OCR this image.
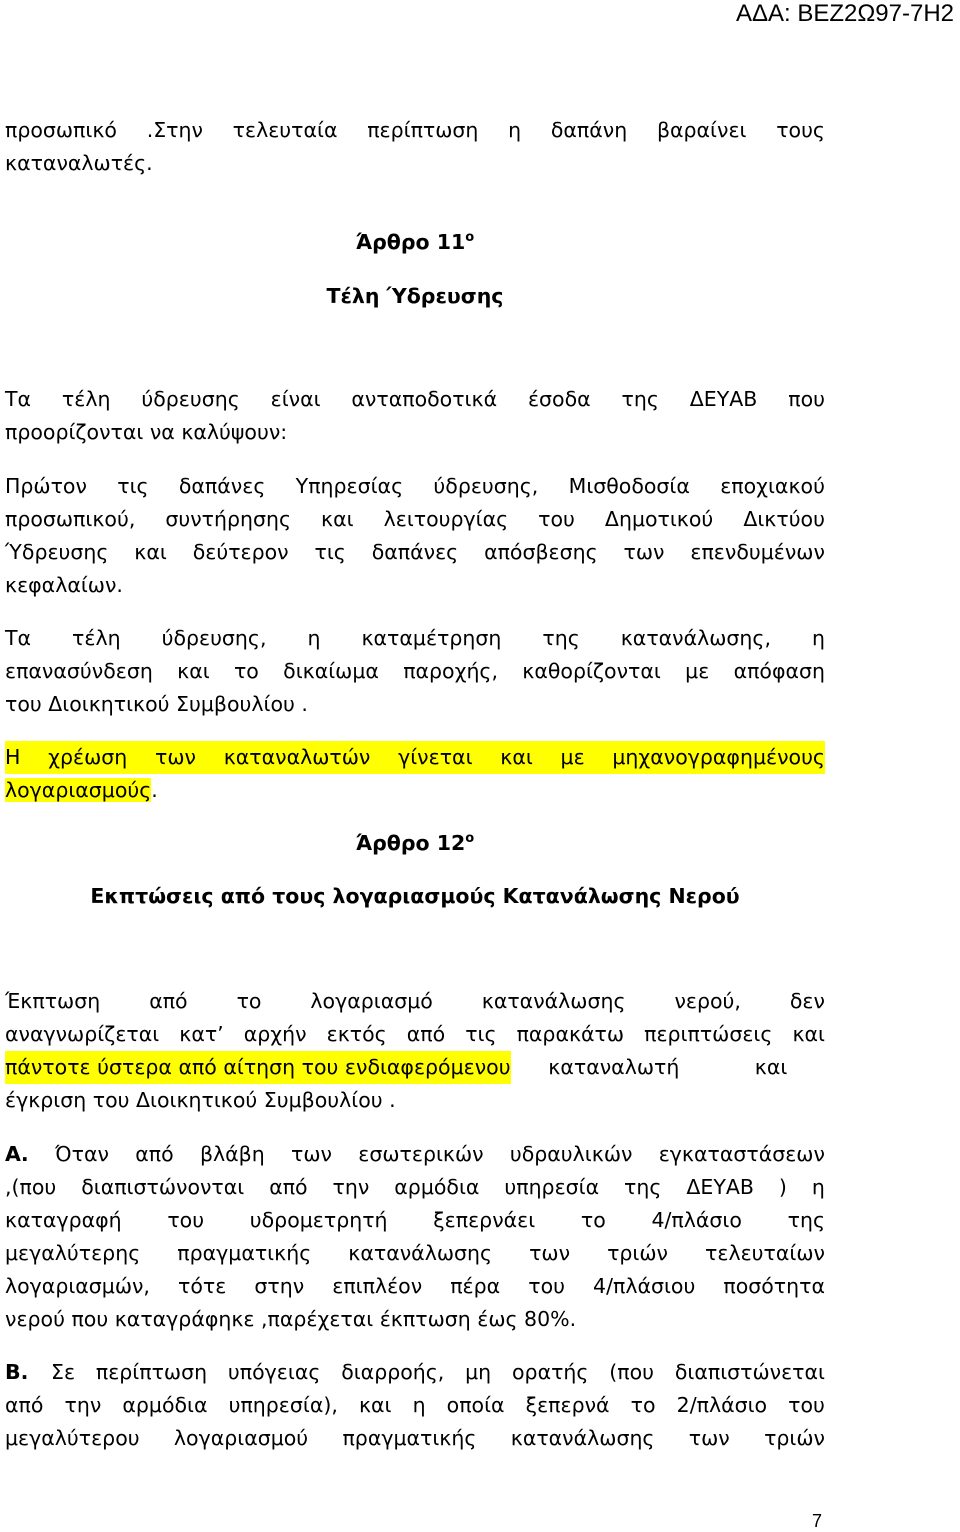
ΑΔΑ: ΒΕΖ2Ω97-7Η2
προσωπικό .Στην τελευταία περίπτωση η δαπάνη βαραίνει τους
καταναλωτές.
Άρθρο $11^o$
Τέλη Ύδρευσης
Τα τέλη ύδρευσης είναι ανταποδοτικά έσοδα της ΔΕΥΑΒ που
προορίζονται να καλύψουν:
Πρώτον τις δαπάνες Υπηρεσίας ύδρευσης, Μισθοδοσία εποχιακού
προσωπικού, συντήρησης και λειτουργίας του Δημοτικού Δικτύου
Ύδρευσης και δεύτερον τις δαπάνες απόσβεσης των επενδυμένων
κεφαλαίων.
Τα τέλη ύδρευσης, η καταμέτρηση της κατανάλωσης, η
επανασύνδεση και το δικαίωμα παροχής, καθορίζονται με απόφαση
του Διοικητικού Συμβουλίου .
Η χρέωση των καταναλωτών γίνεται και με μηχανογραφημένους
λογαριασμούς.
Άρθρο $12^o$
Εκπτώσεις από τους λογαριασμούς Κατανάλωσης Νερού
Έκπτωση από το λογαριασμό κατανάλωσης νερού, δεν
αναγνωρίζεται κατ’ αρχήν εκτός από τις παρακάτω περιπτώσεις και
πάντοτε ύστερα από αίτηση του ενδιαφερόμενου καταναλωτή	και
έγκριση του Διοικητικού Συμβουλίου .
Α. Όταν από βλάβη των εσωτερικών υδραυλικών εγκαταστάσεων
,(που διαπιστώνονται από την αρμόδια υπηρεσία της ΔΕΥΑΒ ) η
καταγραφή του υδρομετρητή ξεπερνάει το 4/πλάσιο της
μεγαλύτερης πραγματικής κατανάλωσης των τριών τελευταίων
λογαριασμών, τότε στην επιπλέον πέρα του 4/πλάσιου ποσότητα
νερού που καταγράφηκε ,παρέχεται έκπτωση έως 80%.
Β. Σε περίπτωση υπόγειας διαρροής, μη ορατής (που διαπιστώνεται
από την αρμόδια υπηρεσία), και η οποία ξεπερνά το 2/πλάσιο του
μεγαλύτερου λογαριασμού πραγματικής κατανάλωσης των τριών
7
